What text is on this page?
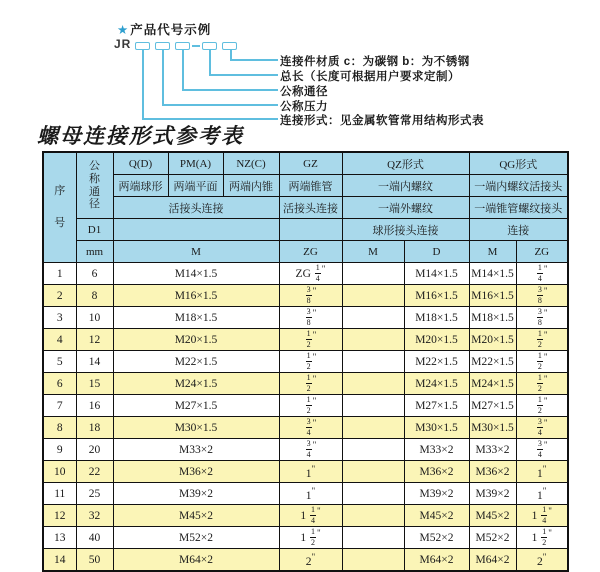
★产品代号示例
JR
连接件材质 c：为碳钢 b：为不锈钢
总长（长度可根据用户要求定制）
公称通径
公称压力
连接形式：见金属软管常用结构形式表
螺母连接形式参考表
序号	公称通径	Q(D)	PM(A)	NZ(C)	GZ	QZ形式		QG形式	
		两端球形	两端平面	两端内锥	两端锥管	一端内螺纹		一端内螺纹活接头	
		活接头连接			活接头连接	一端外螺纹		一端锥管螺纹接头	
	D1					球形接头连接		连接	
	mm	M			ZG	M	D	M	ZG
1	6	M14×1.5			ZG $\frac{1}{4} ^"$		M14×1.5	M14×1.5	$\frac{1}{4} ^"$
2	8	M16×1.5			$\frac{3}{8} ^"$		M16×1.5	M16×1.5	$\frac{3}{8} ^"$
3	10	M18×1.5			$\frac{3}{8} ^"$		M18×1.5	M18×1.5	$\frac{3}{8} ^"$
4	12	M20×1.5			$\frac{1}{2} ^"$		M20×1.5	M20×1.5	$\frac{1}{2} ^"$
5	14	M22×1.5			$\frac{1}{2} ^"$		M22×1.5	M22×1.5	$\frac{1}{2} ^"$
6	15	M24×1.5			$\frac{1}{2} ^"$		M24×1.5	M24×1.5	$\frac{1}{2} ^"$
7	16	M27×1.5			$\frac{1}{2} ^"$		M27×1.5	M27×1.5	$\frac{1}{2} ^"$
8	18	M30×1.5			$\frac{3}{4} ^"$		M30×1.5	M30×1.5	$\frac{3}{4} ^"$
9	20	M33×2			$\frac{3}{4} ^"$		M33×2	M33×2	$\frac{3}{4} ^"$
10	22	M36×2			1"		M36×2	M36×2	1"
11	25	M39×2			1"		M39×2	M39×2	1"
12	32	M45×2			$1 \frac{1}{4} ^"$		M45×2	M45×2	$1 \frac{1}{4} ^"$
13	40	M52×2			$1 \frac{1}{2} ^"$		M52×2	M52×2	$1 \frac{1}{2} ^"$
14	50	M64×2			2"		M64×2	M64×2	2"
